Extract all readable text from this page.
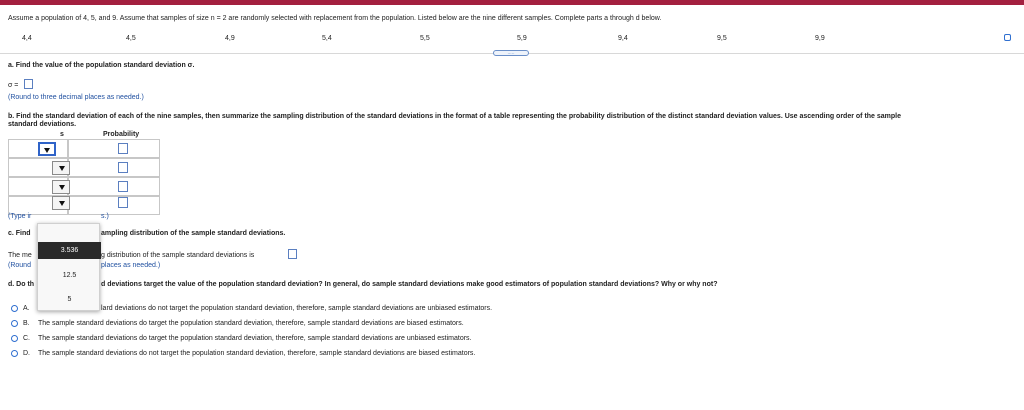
Assume a population of 4, 5, and 9. Assume that samples of size n = 2 are randomly selected with replacement from the population. Listed below are the nine different samples. Complete parts a through d below.
4,4	4,5	4,9	5,4	5,5	5,9	9,4	9,5	9,9
.....
a. Find the value of the population standard deviation σ.
σ =
(Round to three decimal places as needed.)
b. Find the standard deviation of each of the nine samples, then summarize the sampling distribution of the standard deviations in the format of a table representing the probability distribution of the distinct standard deviation values. Use ascending order of the sample
standard deviations.
s	Probability
(Type ir	s.)
c. Find	ampling distribution of the sample standard deviations.
The me	g distribution of the sample standard deviations is
(Round	places as needed.)
d. Do th	d deviations target the value of the population standard deviation? In general, do sample standard deviations make good estimators of population standard deviations? Why or why not?
A.	lard deviations do not target the population standard deviation, therefore, sample standard deviations are unbiased estimators.
B. The sample standard deviations do target the population standard deviation, therefore, sample standard deviations are biased estimators.
C. The sample standard deviations do target the population standard deviation, therefore, sample standard deviations are unbiased estimators.
D. The sample standard deviations do not target the population standard deviation, therefore, sample standard deviations are biased estimators.
3.536
12.5
5
